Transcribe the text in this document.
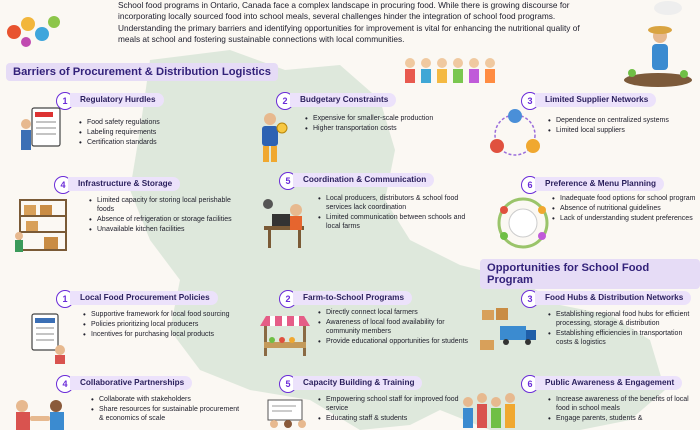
School food programs in Ontario, Canada face a complex landscape in procuring food. While there is growing discourse for incorporating locally sourced food into school meals, several challenges hinder the integration of school food programs. Understanding the primary barriers and identifying opportunities for improvement is vital for enhancing the nutritional quality of meals at school and fostering sustainable connections with local communities.
Barriers of Procurement & Distribution Logistics
1	Regulatory Hurdles
• Food safety regulations
• Labeling requirements
• Certification standards
2	Budgetary Constraints
• Expensive for smaller-scale production
• Higher transportation costs
3	Limited Supplier Networks
• Dependence on centralized systems
• Limited local suppliers
4	Infrastructure & Storage
• Limited capacity for storing local perishable foods
• Absence of refrigeration or storage facilities
• Unavailable kitchen facilities
5	Coordination & Communication
• Local producers, distributors & school food services lack coordination
• Limited communication between schools and local farms
6	Preference & Menu Planning
• Inadequate food options for school program
• Absence of nutritional guidelines
• Lack of understanding student preferences
Opportunities for School Food Program
1	Local Food Procurement Policies
• Supportive framework for local food sourcing
• Policies prioritizing local producers
• Incentives for purchasing local products
2	Farm-to-School Programs
• Directly connect local farmers
• Awareness of local food availability for community members
• Provide educational opportunities for students
3	Food Hubs & Distribution Networks
• Establishing regional food hubs for efficient processing, storage & distribution
• Establishing efficiencies in transportation costs & logistics
4	Collaborative Partnerships
• Collaborate with stakeholders
• Share resources for sustainable procurement & economics of scale
5	Capacity Building & Training
• Empowering school staff for improved food service
• Educating staff & students
6	Public Awareness & Engagement
• Increase awareness of the benefits of local food in school meals
• Engage parents, students &
